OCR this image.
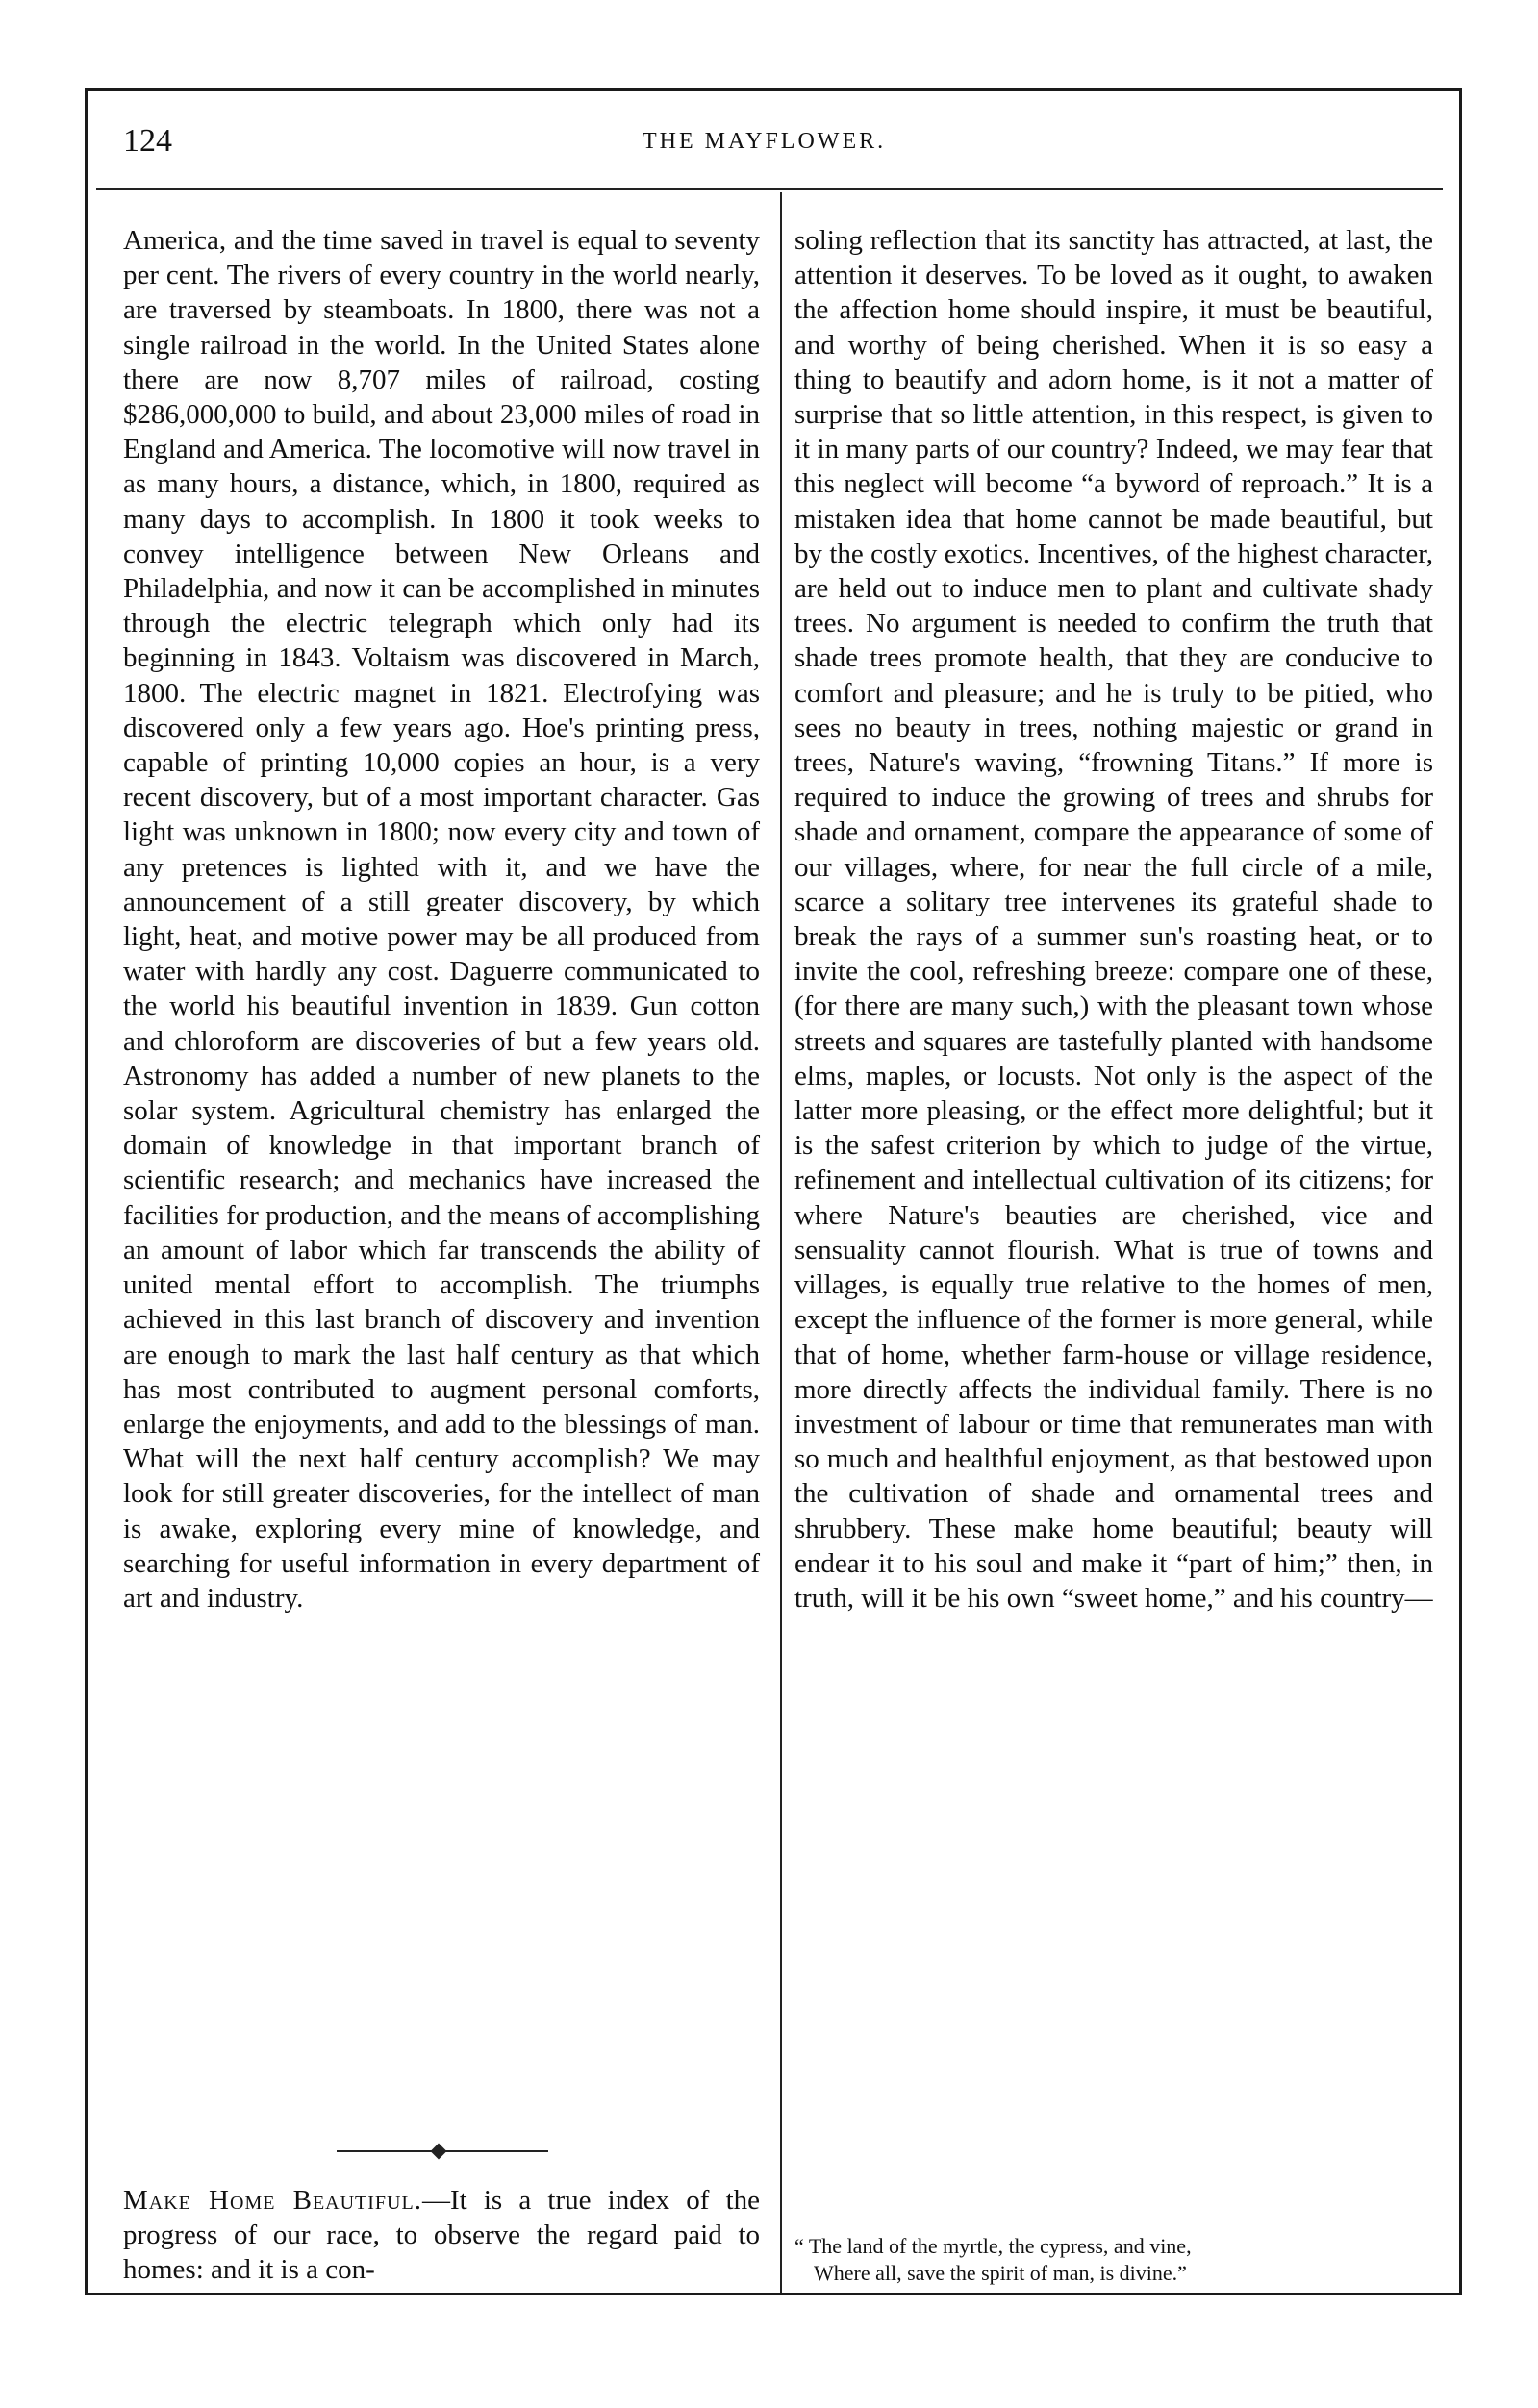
124	THE MAYFLOWER.

America, and the time saved in travel is equal to seventy per cent. The rivers of every country in the world nearly, are traversed by steamboats. In 1800, there was not a single railroad in the world. In the United States alone there are now 8,707 miles of railroad, costing $286,000,000 to build, and about 23,000 miles of road in England and America. The locomotive will now travel in as many hours, a distance, which, in 1800, required as many days to accomplish. In 1800 it took weeks to convey intelligence between New Orleans and Philadelphia, and now it can be accomplished in minutes through the electric telegraph which only had its beginning in 1843. Voltaism was discovered in March, 1800. The electric magnet in 1821. Electrofying was discovered only a few years ago. Hoe's printing press, capable of printing 10,000 copies an hour, is a very recent discovery, but of a most important character. Gas light was unknown in 1800; now every city and town of any pretences is lighted with it, and we have the announcement of a still greater discovery, by which light, heat, and motive power may be all produced from water with hardly any cost. Daguerre communicated to the world his beautiful invention in 1839. Gun cotton and chloroform are discoveries of but a few years old. Astronomy has added a number of new planets to the solar system. Agricultural chemistry has enlarged the domain of knowledge in that important branch of scientific research; and mechanics have increased the facilities for production, and the means of accomplishing an amount of labor which far transcends the ability of united mental effort to accomplish. The triumphs achieved in this last branch of discovery and invention are enough to mark the last half century as that which has most contributed to augment personal comforts, enlarge the enjoyments, and add to the blessings of man. What will the next half century accomplish? We may look for still greater discoveries, for the intellect of man is awake, exploring every mine of knowledge, and searching for useful information in every department of art and industry.

Make Home Beautiful.—It is a true index of the progress of our race, to observe the regard paid to homes: and it is a con-

soling reflection that its sanctity has attracted, at last, the attention it deserves. To be loved as it ought, to awaken the affection home should inspire, it must be beautiful, and worthy of being cherished. When it is so easy a thing to beautify and adorn home, is it not a matter of surprise that so little attention, in this respect, is given to it in many parts of our country? Indeed, we may fear that this neglect will become “a byword of reproach.” It is a mistaken idea that home cannot be made beautiful, but by the costly exotics. Incentives, of the highest character, are held out to induce men to plant and cultivate shady trees. No argument is needed to confirm the truth that shade trees promote health, that they are conducive to comfort and pleasure; and he is truly to be pitied, who sees no beauty in trees, nothing majestic or grand in trees, Nature's waving, “frowning Titans.” If more is required to induce the growing of trees and shrubs for shade and ornament, compare the appearance of some of our villages, where, for near the full circle of a mile, scarce a solitary tree intervenes its grateful shade to break the rays of a summer sun's roasting heat, or to invite the cool, refreshing breeze: compare one of these, (for there are many such,) with the pleasant town whose streets and squares are tastefully planted with handsome elms, maples, or locusts. Not only is the aspect of the latter more pleasing, or the effect more delightful; but it is the safest criterion by which to judge of the virtue, refinement and intellectual cultivation of its citizens; for where Nature's beauties are cherished, vice and sensuality cannot flourish. What is true of towns and villages, is equally true relative to the homes of men, except the influence of the former is more general, while that of home, whether farm-house or village residence, more directly affects the individual family. There is no investment of labour or time that remunerates man with so much and healthful enjoyment, as that bestowed upon the cultivation of shade and ornamental trees and shrubbery. These make home beautiful; beauty will endear it to his soul and make it “part of him;” then, in truth, will it be his own “sweet home,” and his country—

“ The land of the myrtle, the cypress, and vine,

Where all, save the spirit of man, is divine.”
